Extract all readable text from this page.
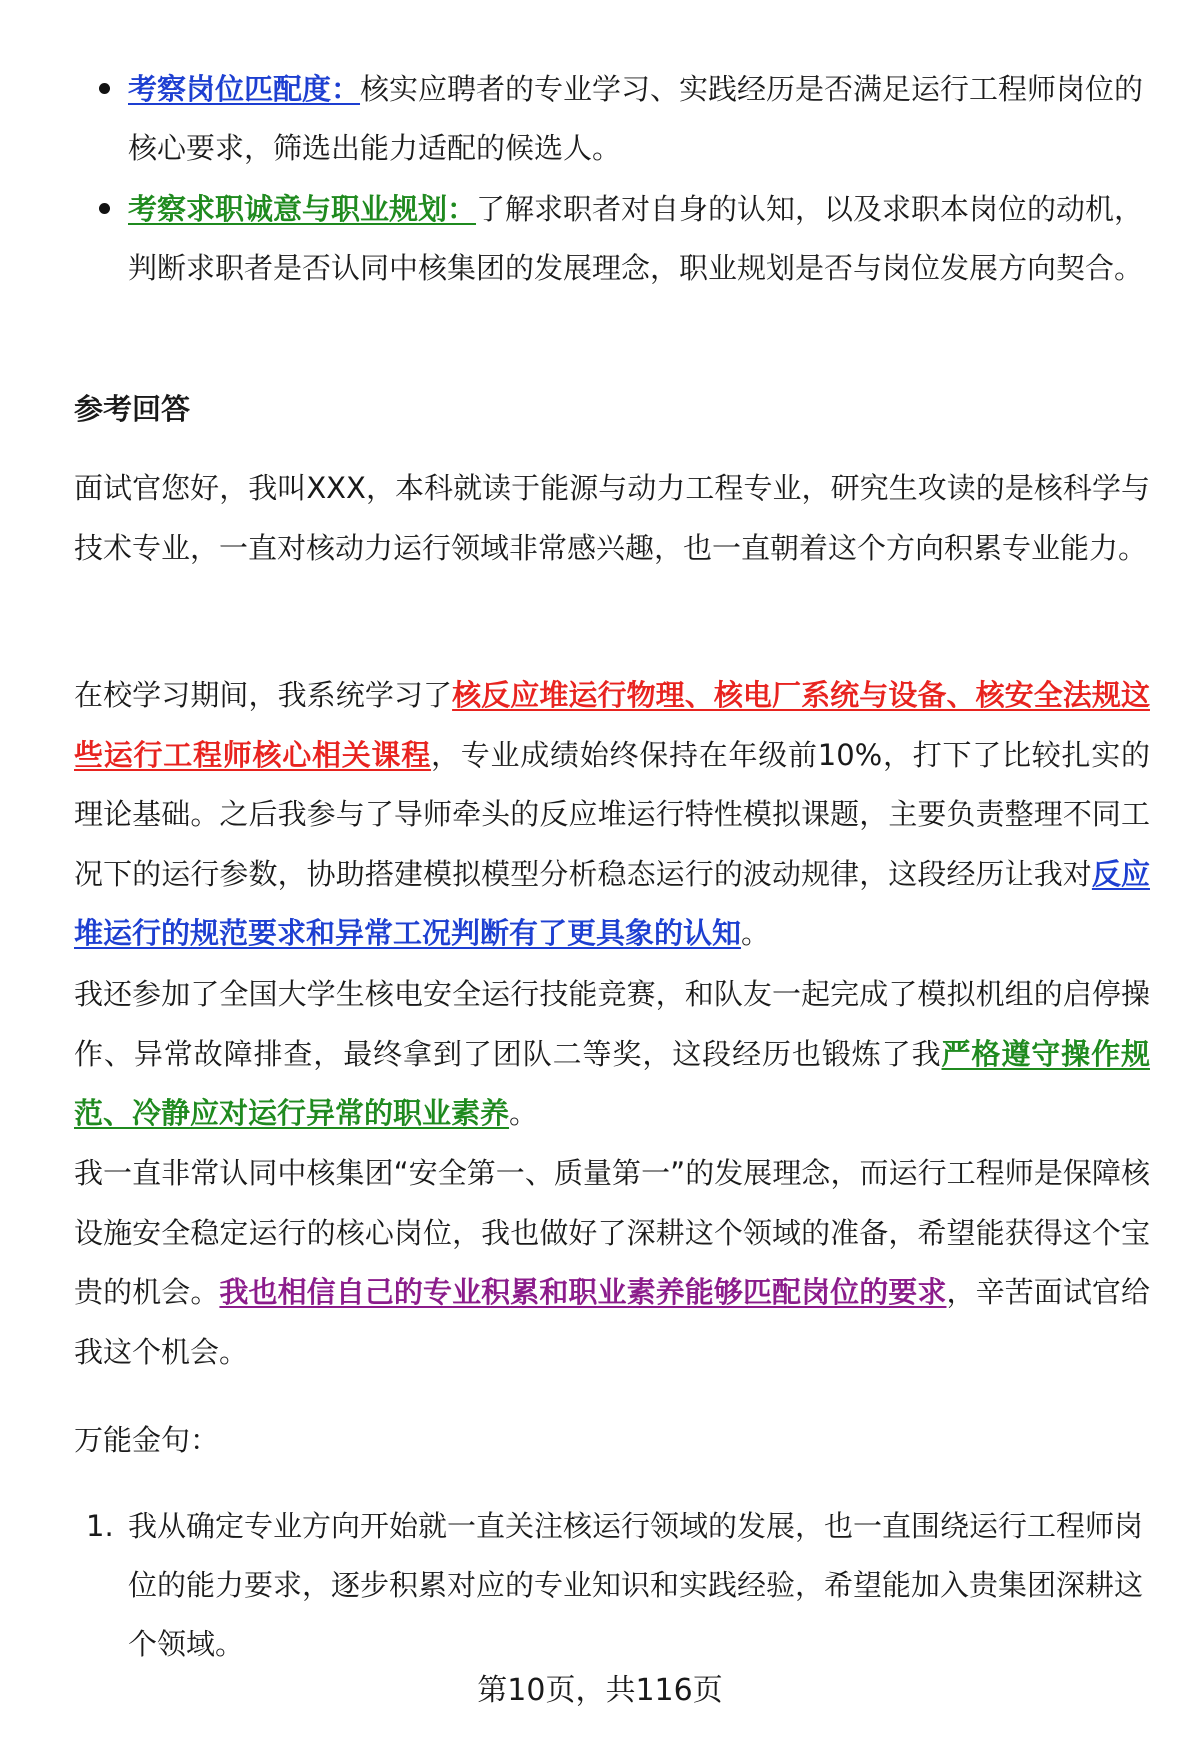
考察岗位匹配度：核实应聘者的专业学习、实践经历是否满足运行工程师岗位的核心要求，筛选出能力适配的候选人。
考察求职诚意与职业规划：了解求职者对自身的认知，以及求职本岗位的动机，判断求职者是否认同中核集团的发展理念，职业规划是否与岗位发展方向契合。

参考回答

面试官您好，我叫XXX，本科就读于能源与动力工程专业，研究生攻读的是核科学与技术专业，一直对核动力运行领域非常感兴趣，也一直朝着这个方向积累专业能力。

在校学习期间，我系统学习了核反应堆运行物理、核电厂系统与设备、核安全法规这些运行工程师核心相关课程，专业成绩始终保持在年级前10%，打下了比较扎实的理论基础。之后我参与了导师牵头的反应堆运行特性模拟课题，主要负责整理不同工况下的运行参数，协助搭建模拟模型分析稳态运行的波动规律，这段经历让我对反应堆运行的规范要求和异常工况判断有了更具象的认知。

我还参加了全国大学生核电安全运行技能竞赛，和队友一起完成了模拟机组的启停操作、异常故障排查，最终拿到了团队二等奖，这段经历也锻炼了我严格遵守操作规范、冷静应对运行异常的职业素养。

我一直非常认同中核集团“安全第一、质量第一”的发展理念，而运行工程师是保障核设施安全稳定运行的核心岗位，我也做好了深耕这个领域的准备，希望能获得这个宝贵的机会。我也相信自己的专业积累和职业素养能够匹配岗位的要求，辛苦面试官给我这个机会。

万能金句：

1. 我从确定专业方向开始就一直关注核运行领域的发展，也一直围绕运行工程师岗位的能力要求，逐步积累对应的专业知识和实践经验，希望能加入贵集团深耕这个领域。

第10页，共116页
